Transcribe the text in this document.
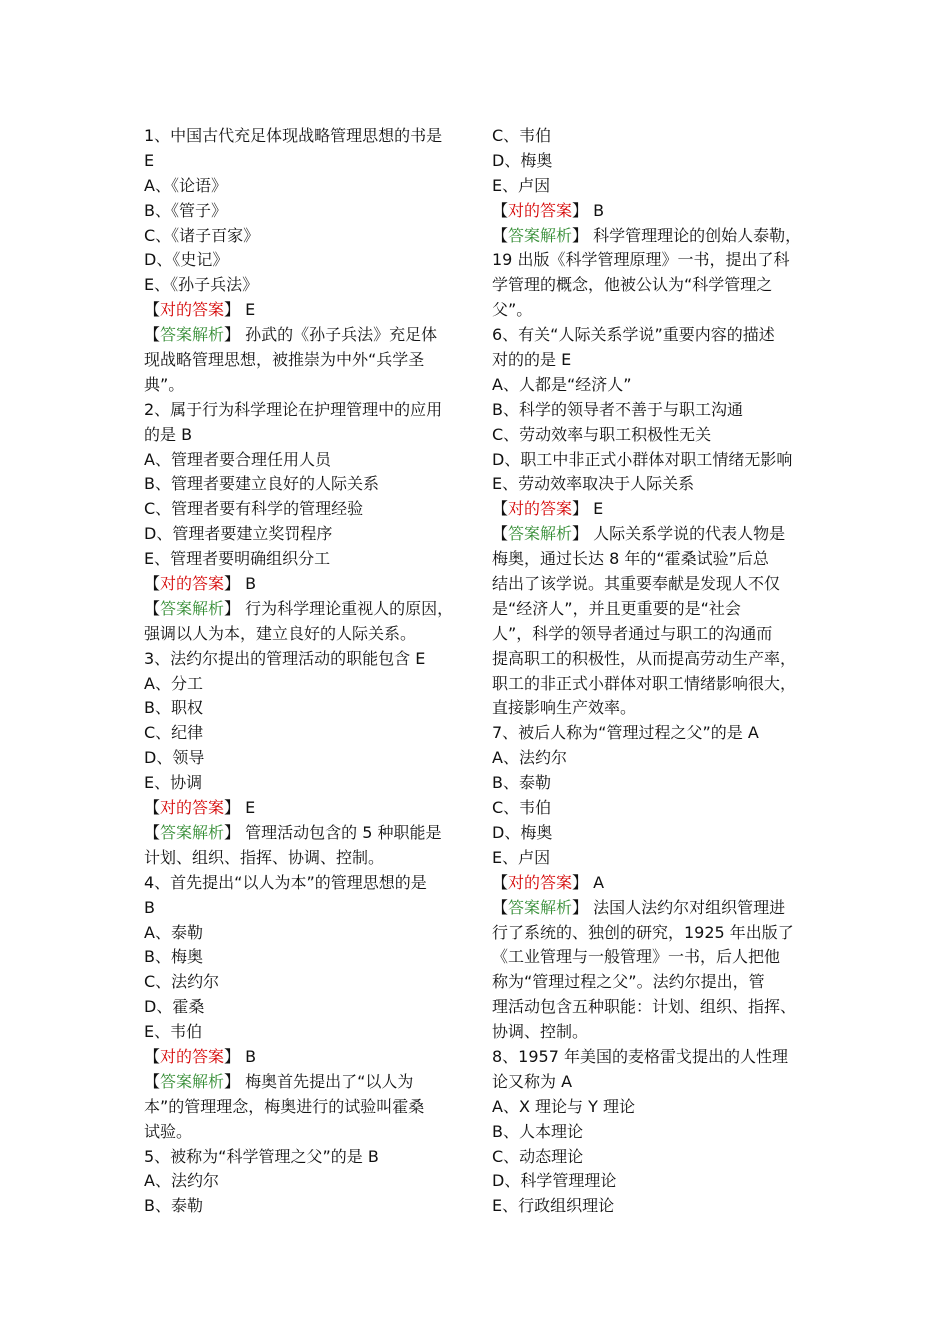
1、中国古代充足体现战略管理思想的书是
E
A、《论语》
B、《管子》
C、《诸子百家》
D、《史记》
E、《孙子兵法》
【对的答案】 E
【答案解析】 孙武的《孙子兵法》充足体
现战略管理思想，被推崇为中外“兵学圣
典”。
2、属于行为科学理论在护理管理中的应用
的是 B
A、管理者要合理任用人员
B、管理者要建立良好的人际关系
C、管理者要有科学的管理经验
D、管理者要建立奖罚程序
E、管理者要明确组织分工
【对的答案】 B
【答案解析】 行为科学理论重视人的原因，
强调以人为本，建立良好的人际关系。
3、法约尔提出的管理活动的职能包含 E
A、分工
B、职权
C、纪律
D、领导
E、协调
【对的答案】 E
【答案解析】 管理活动包含的 5 种职能是
计划、组织、指挥、协调、控制。
4、首先提出“以人为本”的管理思想的是
B
A、泰勒
B、梅奥
C、法约尔
D、霍桑
E、韦伯
【对的答案】 B
【答案解析】 梅奥首先提出了“以人为
本”的管理理念，梅奥进行的试验叫霍桑
试验。
5、被称为“科学管理之父”的是 B
A、法约尔
B、泰勒
C、韦伯
D、梅奥
E、卢因
【对的答案】 B
【答案解析】 科学管理理论的创始人泰勒，
19 出版《科学管理原理》一书，提出了科
学管理的概念，他被公认为“科学管理之
父”。
6、有关“人际关系学说”重要内容的描述
对的的是 E
A、人都是“经济人”
B、科学的领导者不善于与职工沟通
C、劳动效率与职工积极性无关
D、职工中非正式小群体对职工情绪无影响
E、劳动效率取决于人际关系
【对的答案】 E
【答案解析】 人际关系学说的代表人物是
梅奥，通过长达 8 年的“霍桑试验”后总
结出了该学说。其重要奉献是发现人不仅
是“经济人”，并且更重要的是“社会
人”，科学的领导者通过与职工的沟通而
提高职工的积极性，从而提高劳动生产率，
职工的非正式小群体对职工情绪影响很大，
直接影响生产效率。
7、被后人称为“管理过程之父”的是 A
A、法约尔
B、泰勒
C、韦伯
D、梅奥
E、卢因
【对的答案】 A
【答案解析】 法国人法约尔对组织管理进
行了系统的、独创的研究，1925 年出版了
《工业管理与一般管理》一书，后人把他
称为“管理过程之父”。法约尔提出，管
理活动包含五种职能：计划、组织、指挥、
协调、控制。
8、1957 年美国的麦格雷戈提出的人性理
论又称为 A
A、X 理论与 Y 理论
B、人本理论
C、动态理论
D、科学管理理论
E、行政组织理论
